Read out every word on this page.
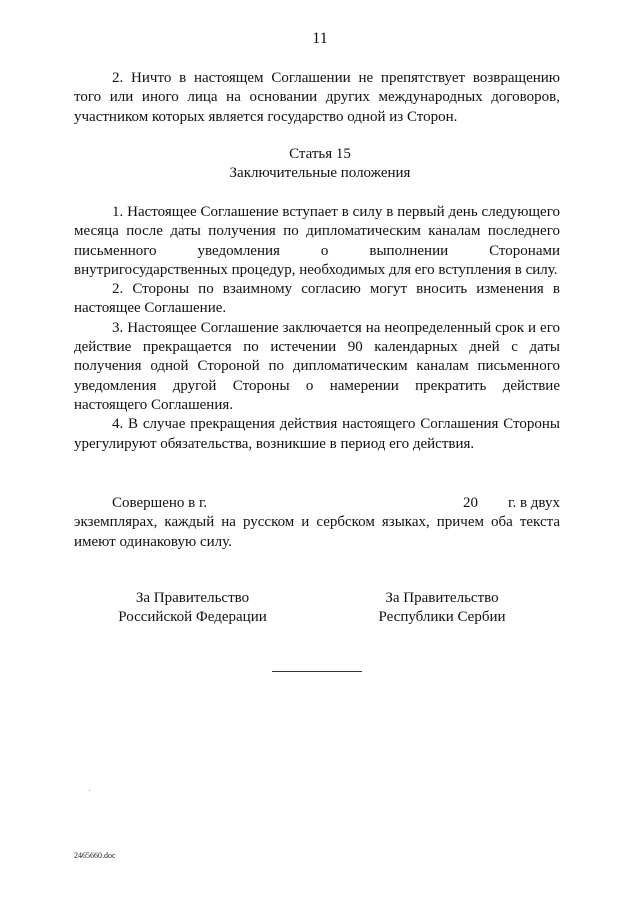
11

2. Ничто в настоящем Соглашении не препятствует возвращению того или иного лица на основании других международных договоров, участником которых является государство одной из Сторон.

Статья 15
Заключительные положения

1. Настоящее Соглашение вступает в силу в первый день следующего месяца после даты получения по дипломатическим каналам последнего письменного уведомления о выполнении Сторонами внутригосударственных процедур, необходимых для его вступления в силу.

2. Стороны по взаимному согласию могут вносить изменения в настоящее Соглашение.

3. Настоящее Соглашение заключается на неопределенный срок и его действие прекращается по истечении 90 календарных дней с даты получения одной Стороной по дипломатическим каналам письменного уведомления другой Стороны о намерении прекратить действие настоящего Соглашения.

4. В случае прекращения действия настоящего Соглашения Стороны урегулируют обязательства, возникшие в период его действия.

Совершено в г.	20 г. в двух

экземплярах, каждый на русском и сербском языках, причем оба текста имеют одинаковую силу.

За Правительство
Российской Федерации
За Правительство
Республики Сербии
2465660.doc
